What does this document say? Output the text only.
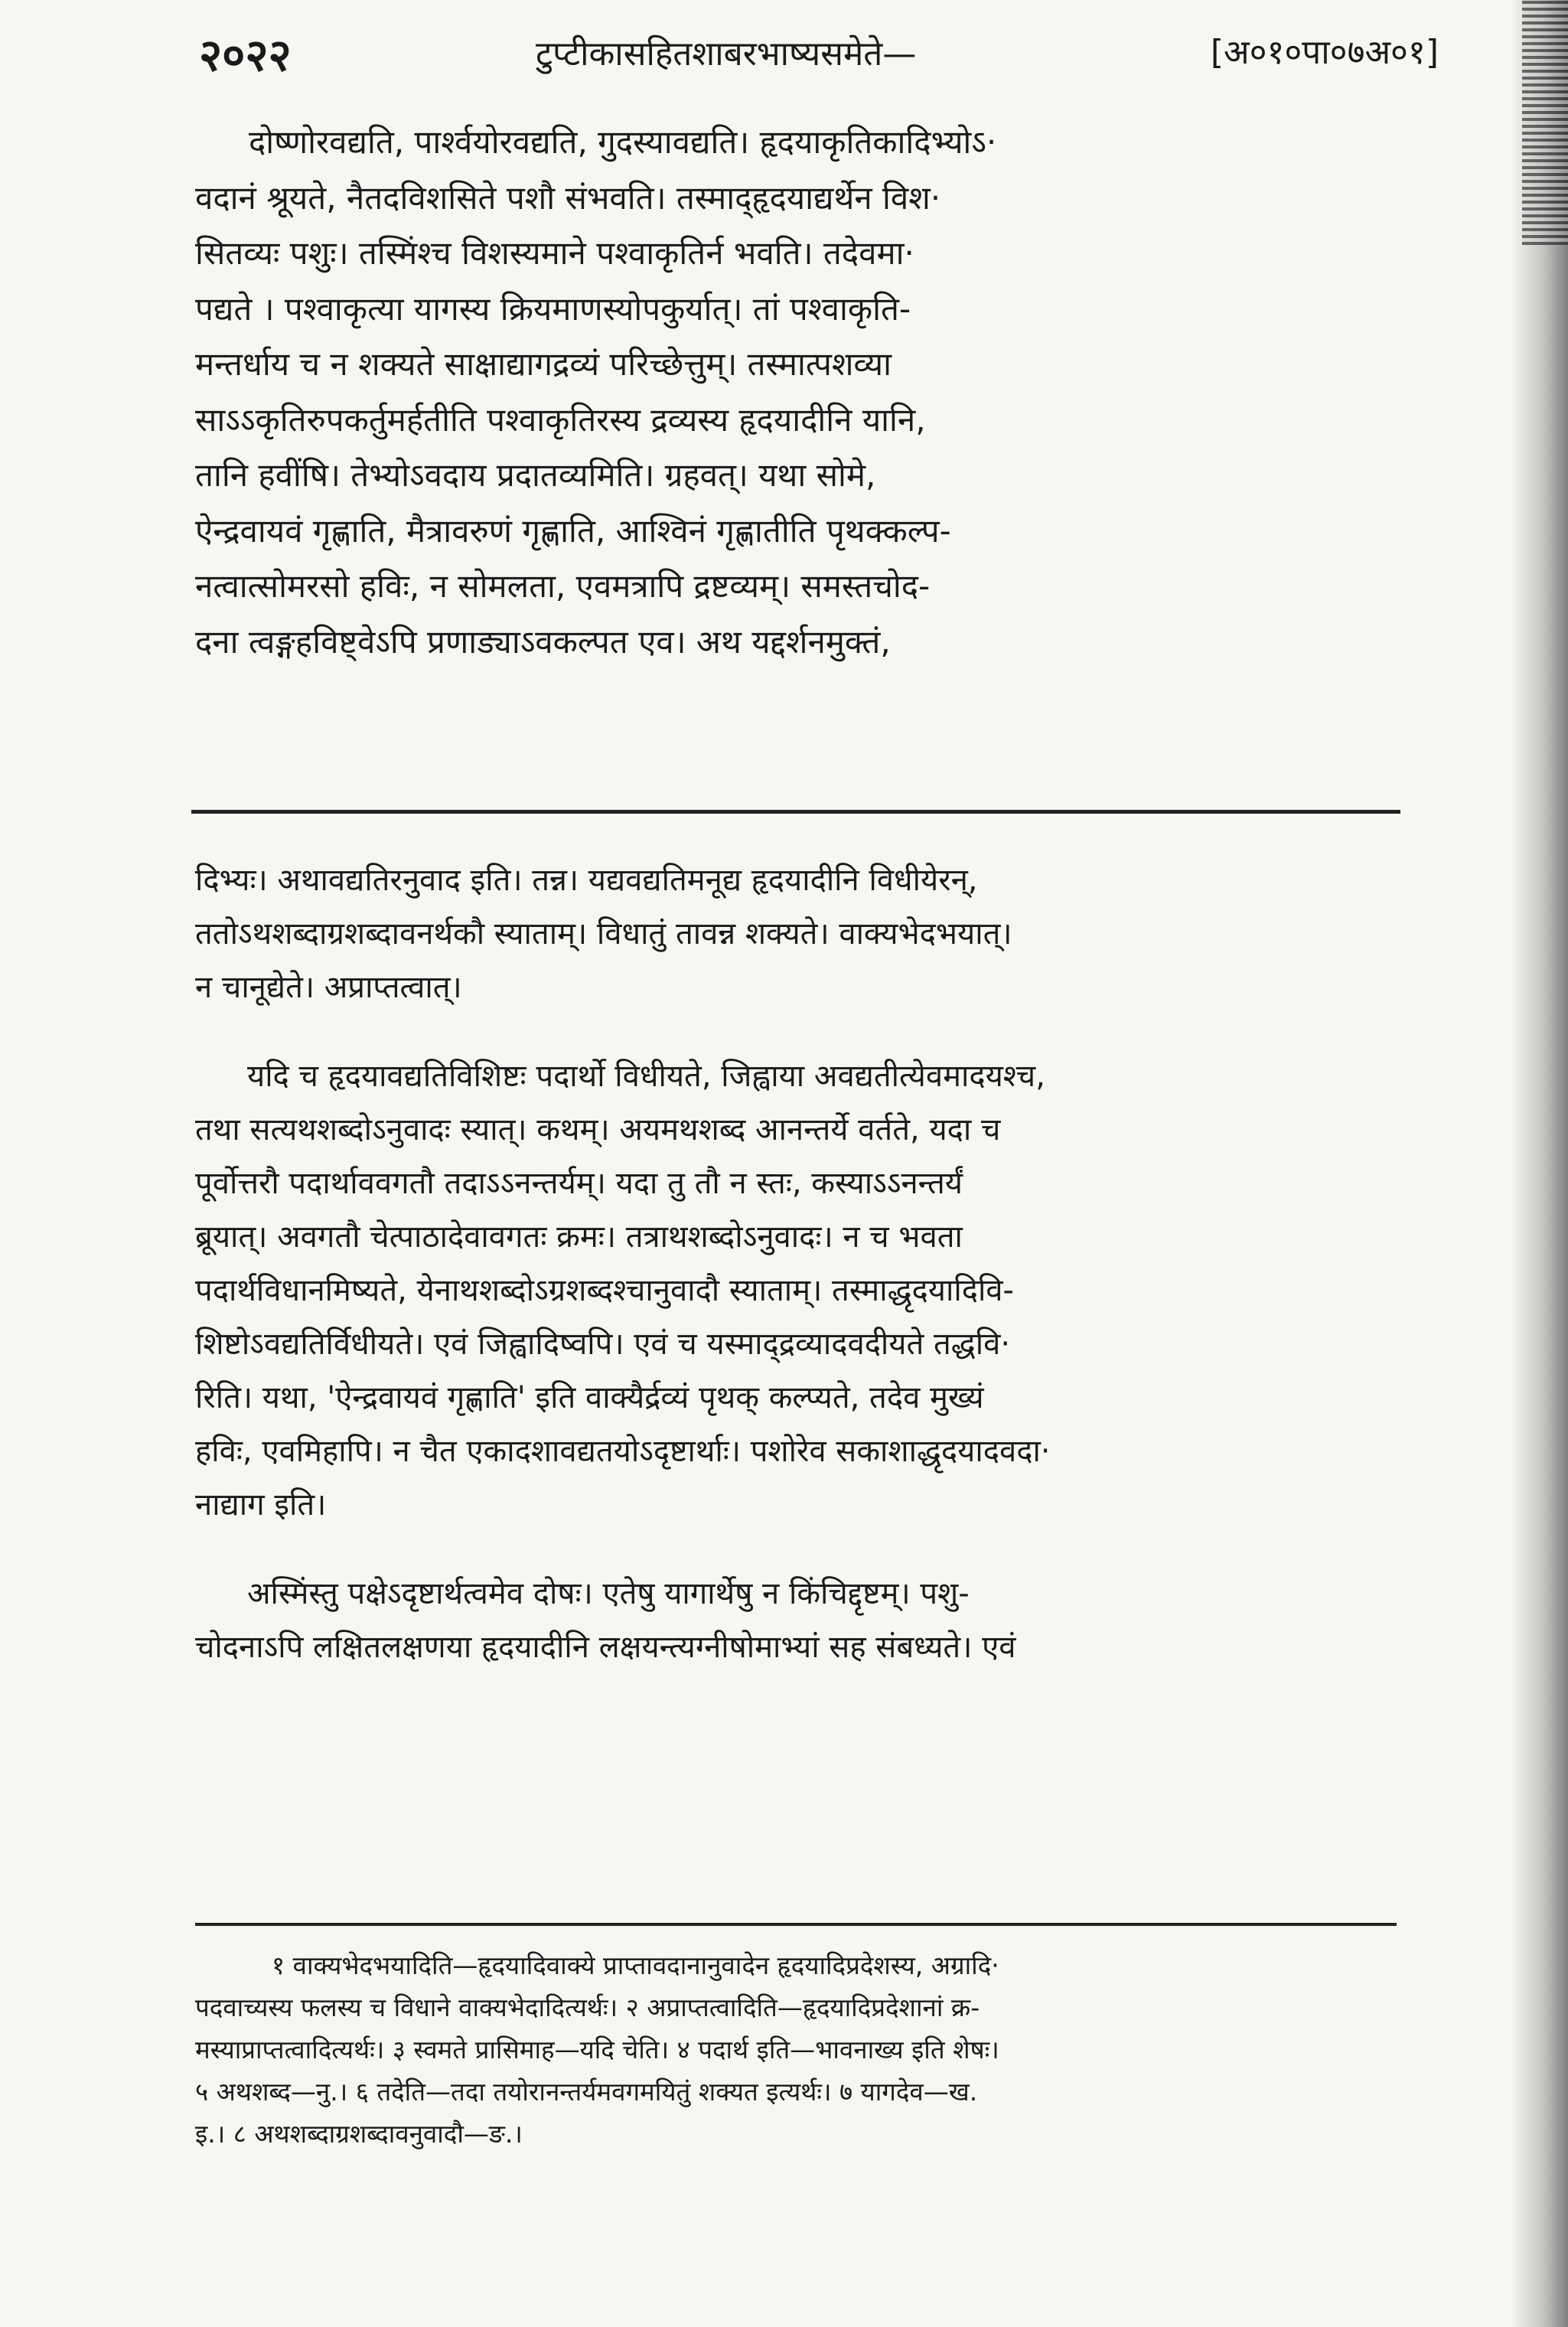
२०२२	टुप्टीकासहितशाबरभाष्यसमेते—	[अ०१०पा०७अ०१]
दोष्णोरवद्यति, पार्श्वयोरवद्यति, गुदस्यावद्यति। हृदयाकृतिकादिभ्योऽ·
वदानं श्रूयते, नैतदविशसिते पशौ संभवति। तस्माद्हृदयाद्यर्थेन विश·
सितव्यः पशुः। तस्मिंश्च विशस्यमाने पश्वाकृतिर्न भवति। तदेवमा·
पद्यते । पश्वाकृत्या यागस्य क्रियमाणस्योपकुर्यात्। तां पश्वाकृति-
मन्तर्धाय च न शक्यते साक्षाद्यागद्रव्यं परिच्छेत्तुम्। तस्मात्पशव्या
साऽऽकृतिरुपकर्तुमर्हतीति पश्वाकृतिरस्य द्रव्यस्य हृदयादीनि यानि,
तानि हवींषि। तेभ्योऽवदाय प्रदातव्यमिति। ग्रहवत्। यथा सोमे,
ऐन्द्रवायवं गृह्णाति, मैत्रावरुणं गृह्णाति, आश्विनं गृह्णातीति पृथक्कल्प-
नत्वात्सोमरसो हविः, न सोमलता, एवमत्रापि द्रष्टव्यम्। समस्तचोद-
दना त्वङ्गहविष्ट्वेऽपि प्रणाड्याऽवकल्पत एव। अथ यद्दर्शनमुक्तं,
दिभ्यः। अथावद्यतिरनुवाद इति। तन्न। यद्यवद्यतिमनूद्य हृदयादीनि विधीयेरन्,
ततोऽथशब्दाग्रशब्दावनर्थकौ स्याताम्। विधातुं तावन्न शक्यते। वाक्यभेदभयात्।
न चानूद्येते। अप्राप्तत्वात्।
यदि च हृदयावद्यतिविशिष्टः पदार्थो विधीयते, जिह्वाया अवद्यतीत्येवमादयश्च,
तथा सत्यथशब्दोऽनुवादः स्यात्। कथम्। अयमथशब्द आनन्तर्ये वर्तते, यदा च
पूर्वोत्तरौ पदार्थाववगतौ तदाऽऽनन्तर्यम्। यदा तु तौ न स्तः, कस्याऽऽनन्तर्यं
ब्रूयात्। अवगतौ चेत्पाठादेवावगतः क्रमः। तत्राथशब्दोऽनुवादः। न च भवता
पदार्थविधानमिष्यते, येनाथशब्दोऽग्रशब्दश्चानुवादौ स्याताम्। तस्माद्धृदयादिवि-
शिष्टोऽवद्यतिर्विधीयते। एवं जिह्वादिष्वपि। एवं च यस्माद्द्रव्यादवदीयते तद्धवि·
रिति। यथा, 'ऐन्द्रवायवं गृह्णाति' इति वाक्यैर्द्रव्यं पृथक् कल्प्यते, तदेव मुख्यं
हविः, एवमिहापि। न चैत एकादशावद्यतयोऽदृष्टार्थाः। पशोरेव सकाशाद्धृदयादवदा·
नाद्याग इति।
अस्मिंस्तु पक्षेऽदृष्टार्थत्वमेव दोषः। एतेषु यागार्थेषु न किंचिद्दृष्टम्। पशु-
चोदनाऽपि लक्षितलक्षणया हृदयादीनि लक्षयन्त्यग्नीषोमाभ्यां सह संबध्यते। एवं
१ वाक्यभेदभयादिति—हृदयादिवाक्ये प्राप्तावदानानुवादेन हृदयादिप्रदेशस्य, अग्रादि·
पदवाच्यस्य फलस्य च विधाने वाक्यभेदादित्यर्थः। २ अप्राप्तत्वादिति—हृदयादिप्रदेशानां क्र-
मस्याप्राप्तत्वादित्यर्थः। ३ स्वमते प्रासिमाह—यदि चेति। ४ पदार्थ इति—भावनाख्य इति शेषः।
५ अथशब्द—नु.। ६ तदेति—तदा तयोरानन्तर्यमवगमयितुं शक्यत इत्यर्थः। ७ यागदेव—ख.
इ.। ८ अथशब्दाग्रशब्दावनुवादौ—ङ.।
